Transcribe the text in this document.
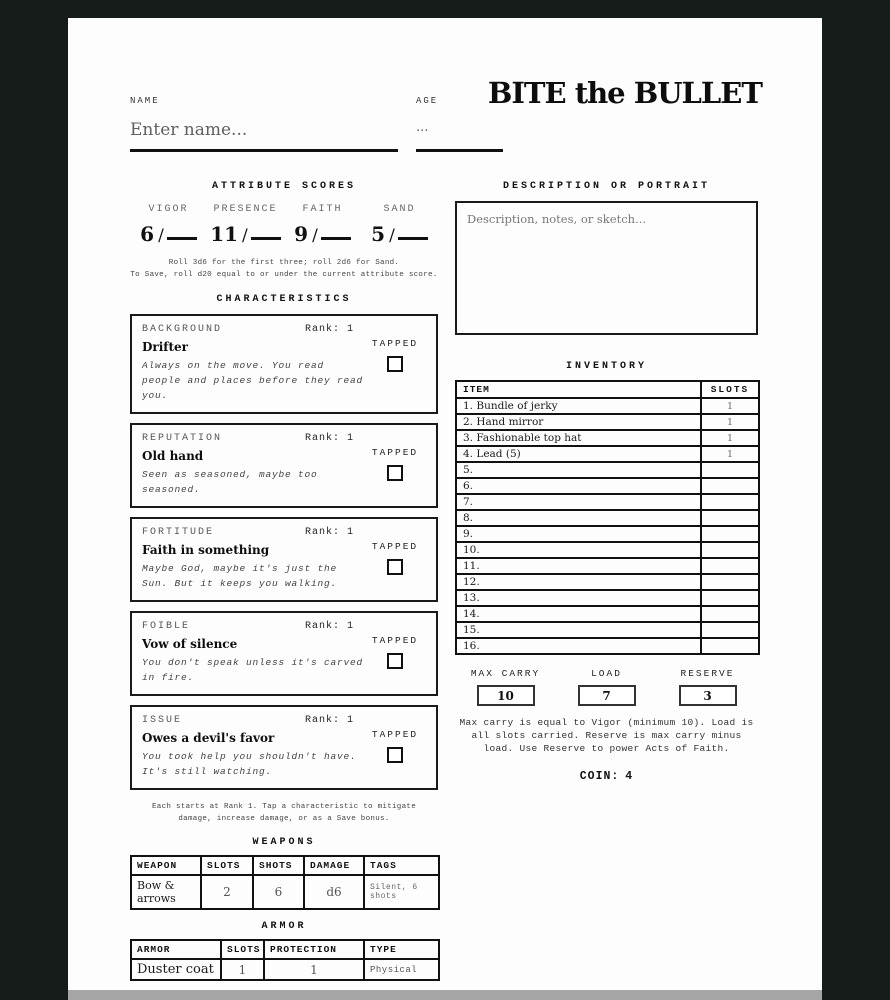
NAME
Enter name...
AGE
...
BITE the BULLET
ATTRIBUTE SCORES
VIGOR	PRESENCE	FAITH	SAND
6 /	11 /	9 /	5 /
Roll 3d6 for the first three; roll 2d6 for Sand.
To Save, roll d20 equal to or under the current attribute score.
CHARACTERISTICS
BACKGROUND	Rank: 1
Drifter
Always on the move. You read people and places before they read you.
TAPPED
REPUTATION	Rank: 1
Old hand
Seen as seasoned, maybe too seasoned.
TAPPED
FORTITUDE	Rank: 1
Faith in something
Maybe God, maybe it's just the Sun. But it keeps you walking.
TAPPED
FOIBLE	Rank: 1
Vow of silence
You don't speak unless it's carved in fire.
TAPPED
ISSUE	Rank: 1
Owes a devil's favor
You took help you shouldn't have. It's still watching.
TAPPED
Each starts at Rank 1. Tap a characteristic to mitigate damage, increase damage, or as a Save bonus.
WEAPONS
WEAPON	SLOTS	SHOTS	DAMAGE	TAGS
Bow & arrows	2	6	d6	Silent, 6 shots
ARMOR
ARMOR	SLOTS	PROTECTION	TYPE
Duster coat	1	1	Physical
DESCRIPTION OR PORTRAIT
Description, notes, or sketch...
INVENTORY
ITEM	SLOTS
1. Bundle of jerky	1
2. Hand mirror	1
3. Fashionable top hat	1
4. Lead (5)	1
5.	
6.	
7.	
8.	
9.	
10.	
11.	
12.	
13.	
14.	
15.	
16.	
MAX CARRY
10
LOAD
7
RESERVE
3
Max carry is equal to Vigor (minimum 10). Load is all slots carried. Reserve is max carry minus load. Use Reserve to power Acts of Faith.
COIN: 4
